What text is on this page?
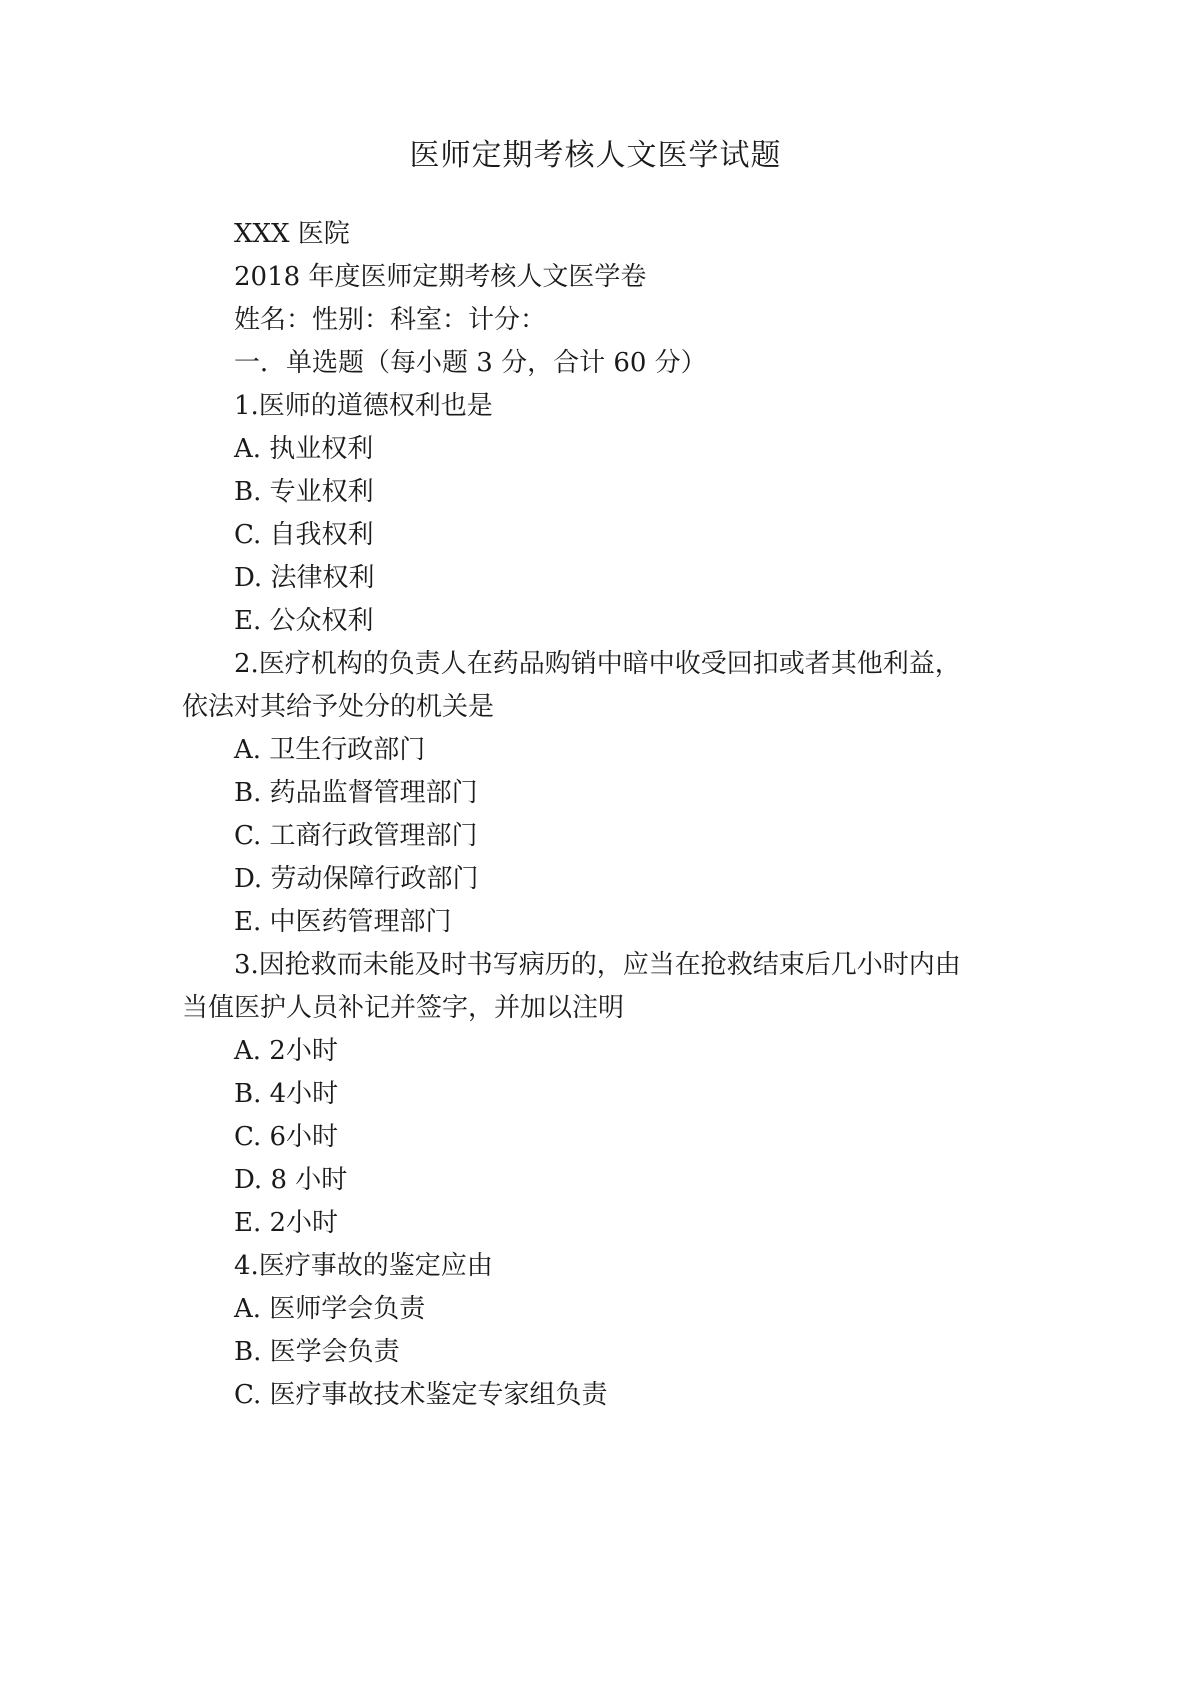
医师定期考核人文医学试题
XXX 医院
2018 年度医师定期考核人文医学卷
姓名：性别：科室：计分：
一．单选题（每小题 3 分，合计 60 分）
1.医师的道德权利也是
A. 执业权利
B. 专业权利
C. 自我权利
D. 法律权利
E. 公众权利
2.医疗机构的负责人在药品购销中暗中收受回扣或者其他利益，
依法对其给予处分的机关是
A. 卫生行政部门
B. 药品监督管理部门
C. 工商行政管理部门
D. 劳动保障行政部门
E. 中医药管理部门
3.因抢救而未能及时书写病历的，应当在抢救结束后几小时内由
当值医护人员补记并签字，并加以注明
A. 2小时
B. 4小时
C. 6小时
D. 8 小时
E. 2小时
4.医疗事故的鉴定应由
A. 医师学会负责
B. 医学会负责
C. 医疗事故技术鉴定专家组负责
